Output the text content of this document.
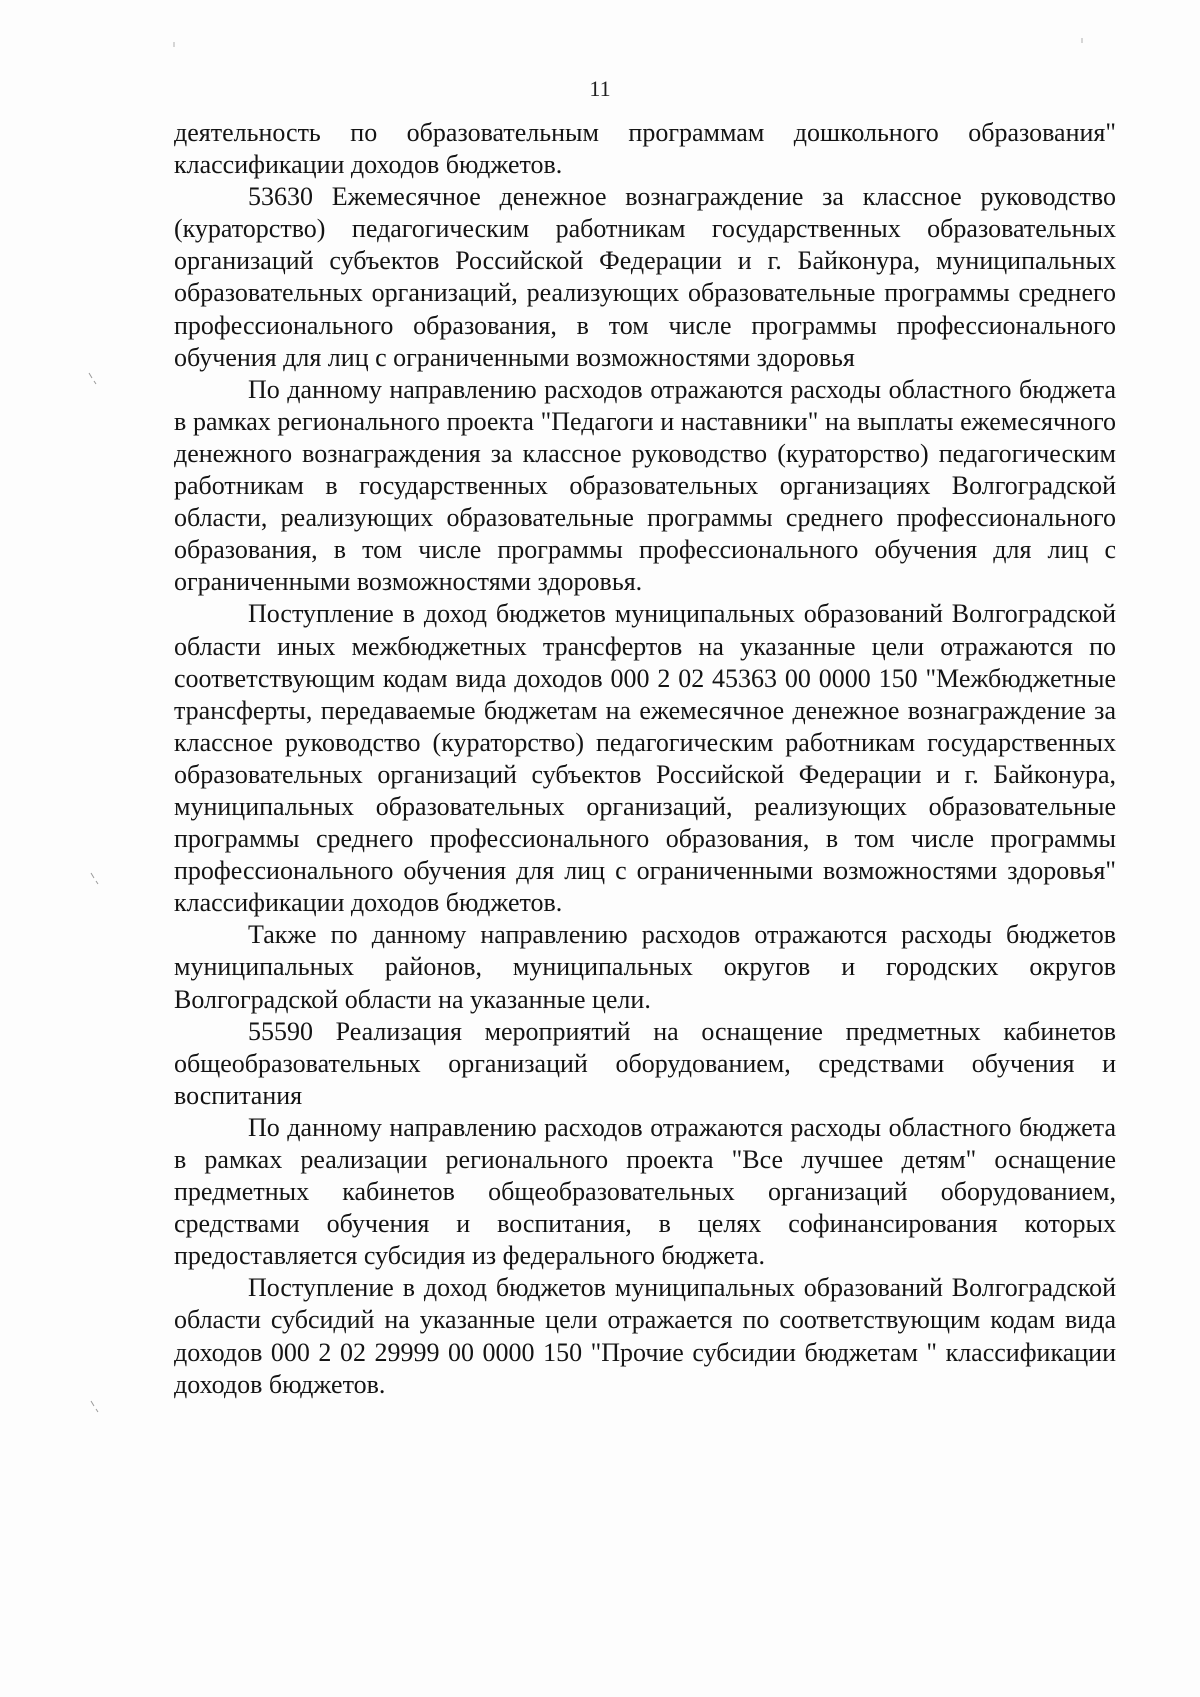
11

деятельность по образовательным программам дошкольного образования" классификации доходов бюджетов.

53630 Ежемесячное денежное вознаграждение за классное руководство (кураторство) педагогическим работникам государственных образовательных организаций субъектов Российской Федерации и г. Байконура, муниципальных образовательных организаций, реализующих образовательные программы среднего профессионального образования, в том числе программы профессионального обучения для лиц с ограниченными возможностями здоровья

По данному направлению расходов отражаются расходы областного бюджета в рамках регионального проекта "Педагоги и наставники" на выплаты ежемесячного денежного вознаграждения за классное руководство (кураторство) педагогическим работникам в государственных образовательных организациях Волгоградской области, реализующих образовательные программы среднего профессионального образования, в том числе программы профессионального обучения для лиц с ограниченными возможностями здоровья.

Поступление в доход бюджетов муниципальных образований Волгоградской области иных межбюджетных трансфертов на указанные цели отражаются по соответствующим кодам вида доходов 000 2 02 45363 00 0000 150 "Межбюджетные трансферты, передаваемые бюджетам на ежемесячное денежное вознаграждение за классное руководство (кураторство) педагогическим работникам государственных образовательных организаций субъектов Российской Федерации и г. Байконура, муниципальных образовательных организаций, реализующих образовательные программы среднего профессионального образования, в том числе программы профессионального обучения для лиц с ограниченными возможностями здоровья" классификации доходов бюджетов.

Также по данному направлению расходов отражаются расходы бюджетов муниципальных районов, муниципальных округов и городских округов Волгоградской области на указанные цели.

55590 Реализация мероприятий на оснащение предметных кабинетов общеобразовательных организаций оборудованием, средствами обучения и воспитания

По данному направлению расходов отражаются расходы областного бюджета в рамках реализации регионального проекта "Все лучшее детям" оснащение предметных кабинетов общеобразовательных организаций оборудованием, средствами обучения и воспитания, в целях софинансирования которых предоставляется субсидия из федерального бюджета.

Поступление в доход бюджетов муниципальных образований Волгоградской области субсидий на указанные цели отражается по соответствующим кодам вида доходов 000 2 02 29999 00 0000 150 "Прочие субсидии бюджетам " классификации доходов бюджетов.
